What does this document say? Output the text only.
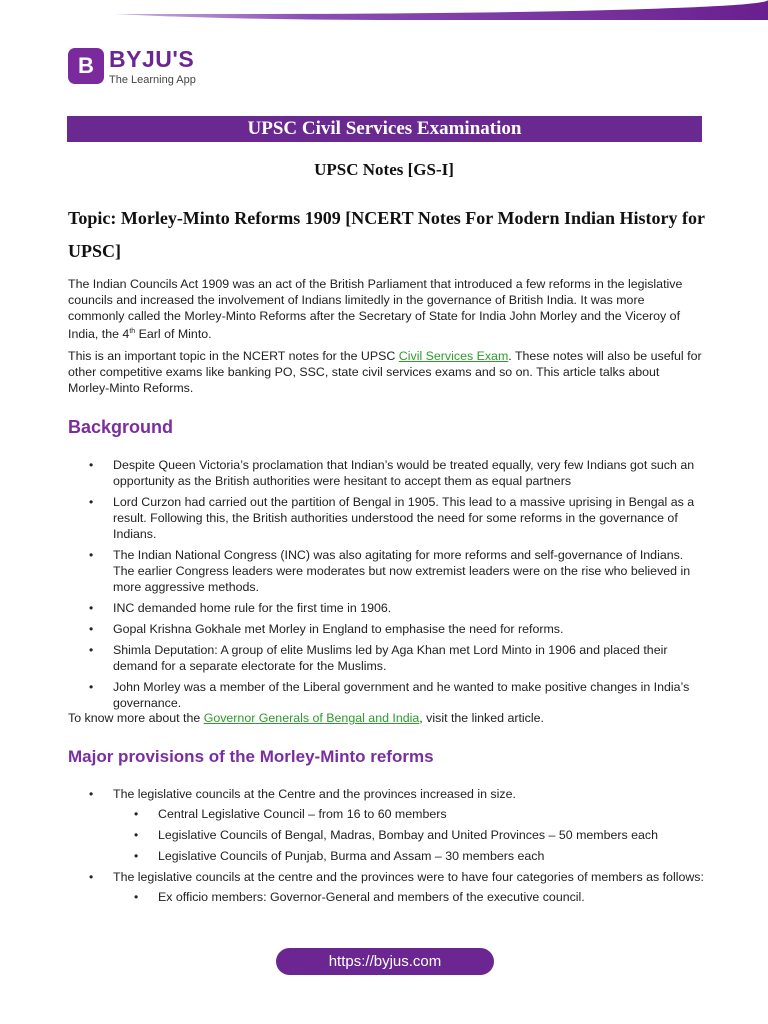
B BYJU'S
The Learning App
UPSC Civil Services Examination
UPSC Notes [GS-I]
Topic: Morley-Minto Reforms 1909 [NCERT Notes For Modern Indian History for UPSC]
The Indian Councils Act 1909 was an act of the British Parliament that introduced a few reforms in the legislative councils and increased the involvement of Indians limitedly in the governance of British India. It was more commonly called the Morley-Minto Reforms after the Secretary of State for India John Morley and the Viceroy of India, the 4th Earl of Minto.
This is an important topic in the NCERT notes for the UPSC Civil Services Exam. These notes will also be useful for other competitive exams like banking PO, SSC, state civil services exams and so on. This article talks about Morley-Minto Reforms.
Background
• Despite Queen Victoria’s proclamation that Indian’s would be treated equally, very few Indians got such an opportunity as the British authorities were hesitant to accept them as equal partners
• Lord Curzon had carried out the partition of Bengal in 1905. This lead to a massive uprising in Bengal as a result. Following this, the British authorities understood the need for some reforms in the governance of Indians.
• The Indian National Congress (INC) was also agitating for more reforms and self-governance of Indians. The earlier Congress leaders were moderates but now extremist leaders were on the rise who believed in more aggressive methods.
• INC demanded home rule for the first time in 1906.
• Gopal Krishna Gokhale met Morley in England to emphasise the need for reforms.
• Shimla Deputation: A group of elite Muslims led by Aga Khan met Lord Minto in 1906 and placed their demand for a separate electorate for the Muslims.
• John Morley was a member of the Liberal government and he wanted to make positive changes in India’s governance.
To know more about the Governor Generals of Bengal and India, visit the linked article.
Major provisions of the Morley-Minto reforms
• The legislative councils at the Centre and the provinces increased in size.
• Central Legislative Council – from 16 to 60 members
• Legislative Councils of Bengal, Madras, Bombay and United Provinces – 50 members each
• Legislative Councils of Punjab, Burma and Assam – 30 members each
• The legislative councils at the centre and the provinces were to have four categories of members as follows:
• Ex officio members: Governor-General and members of the executive council.
https://byjus.com
